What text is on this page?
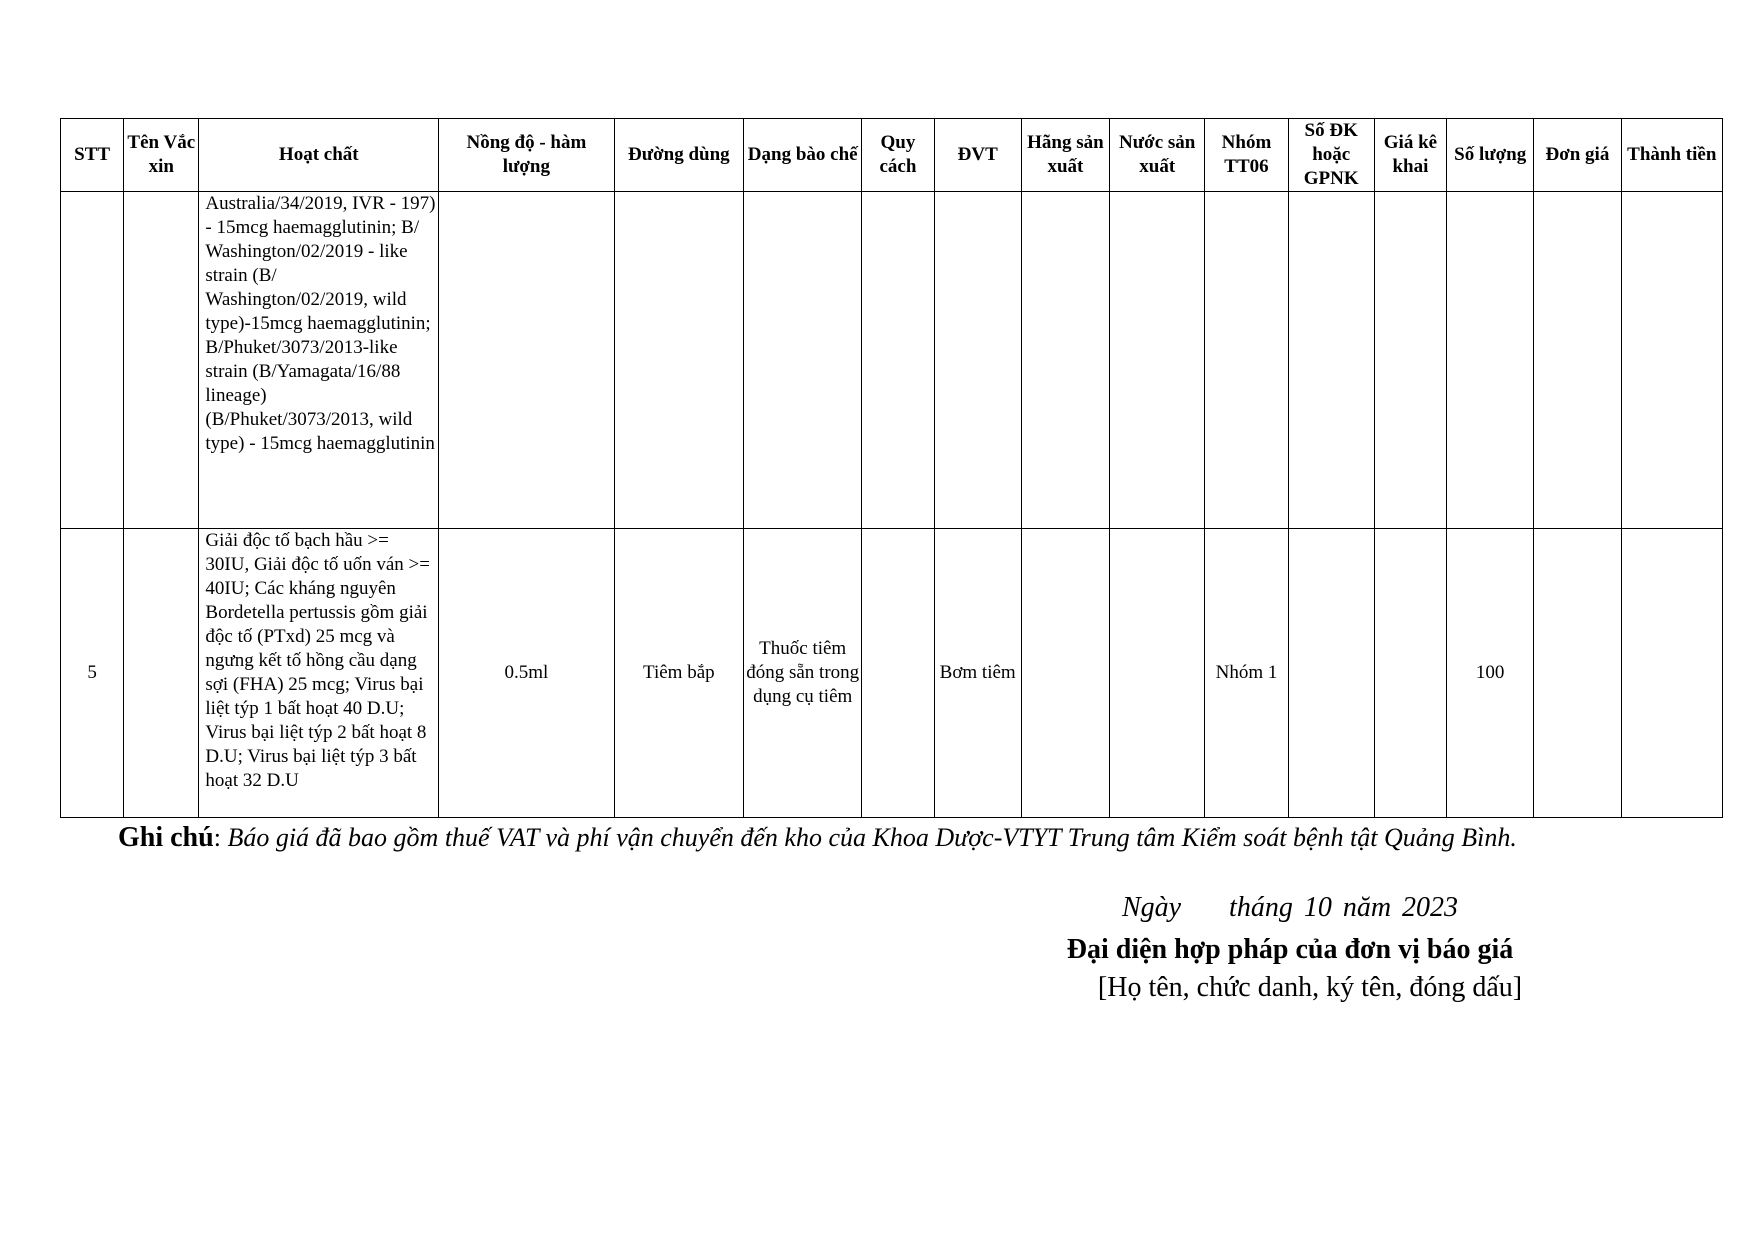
STT	Tên Vắc xin	Hoạt chất	Nồng độ - hàm lượng	Đường dùng	Dạng bào chế	Quy cách	ĐVT	Hãng sản xuất	Nước sản xuất	Nhóm TT06	Số ĐK hoặc GPNK	Giá kê khai	Số lượng	Đơn giá	Thành tiền
		Australia/34/2019, IVR - 197) - 15mcg haemagglutinin; B/ Washington/02/2019 - like strain (B/ Washington/02/2019, wild type)-15mcg haemagglutinin; B/Phuket/3073/2013-like strain (B/Yamagata/16/88 lineage) (B/Phuket/3073/2013, wild type) - 15mcg haemagglutinin													
5		Giải độc tố bạch hầu >= 30IU, Giải độc tố uốn ván >= 40IU; Các kháng nguyên Bordetella pertussis gồm giải độc tố (PTxd) 25 mcg và ngưng kết tố hồng cầu dạng sợi (FHA) 25 mcg; Virus bại liệt týp 1 bất hoạt 40 D.U; Virus bại liệt týp 2 bất hoạt 8 D.U; Virus bại liệt týp 3 bất hoạt 32 D.U	0.5ml	Tiêm bắp	Thuốc tiêm đóng sẵn trong dụng cụ tiêm		Bơm tiêm			Nhóm 1			100		
Ghi chú: Báo giá đã bao gồm thuế VAT và phí vận chuyển đến kho của Khoa Dược-VTYT Trung tâm Kiểm soát bệnh tật Quảng Bình.
Ngày tháng 10 năm 2023
Đại diện hợp pháp của đơn vị báo giá
[Họ tên, chức danh, ký tên, đóng dấu]
